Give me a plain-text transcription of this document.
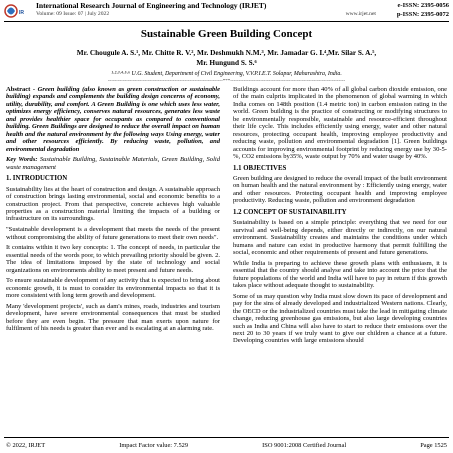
IR
International Research Journal of Engineering and Technology (IRJET)
Volume: 09 Issue: 07 | July 2022	www.irjet.net
e-ISSN: 2395-0056
p-ISSN: 2395-0072
Sustainable Green Building Concept
Mr. Chougule A. S.¹, Mr. Chitte R. V.², Mr. Deshmukh N.M.³, Mr. Jamadar G. I.⁴,Mr. Silar S. A.⁵,
Mr. Hungund S. S.⁶
¹·²·³·⁴·⁵·⁶ U.G. Student, Department of Civil Engineering, V.V.P.I.E.T. Solapur, Maharashtra, India.
---------------------------------------------------------------------***---------------------------------------------------------------------

Abstract - Green building (also known as green construction or sustainable building) expands and complements the building design concerns of economy, utility, durability, and comfort. A Green Building is one which uses less water, optimizes energy efficiency, conserves natural resources, generates less waste and provides healthier space for occupants as compared to conventional building. Green Buildings are designed to reduce the overall impact on human health and the natural environment by the following ways Using energy, water and other resources efficiently. By reducing waste, pollution, and environmental degradation

Key Words: Sustainable Building, Sustainable Materials, Green Building, Solid waste management

1. INTRODUCTION

Sustainability lies at the heart of construction and design. A sustainable approach of construction brings lasting environmental, social and economic benefits to a construction project. From that perspective, concrete achieves high valuable properties as a construction material limiting the impacts of a building or infrastructure on its surroundings.

"Sustainable development is a development that meets the needs of the present without compromising the ability of future generations to meet their own needs".

It contains within it two key concepts: 1. The concept of needs, in particular the essential needs of the words poor, to which prevailing priority should be given. 2. The idea of limitations imposed by the state of technology and social organizations on environments ability to meet present and future needs.

To ensure sustainable development of any activity that is expected to bring about economic growth, it is must to consider its environmental impacts so that it is more consistent with long term growth and development.

Many 'development projects', such as dam's mines, roads, industries and tourism development, have severe environmental consequences that must be studied before they are even begin. The pressure that man exerts upon nature for fulfilment of his needs is greater than ever and is escalating at an alarming rate.

Buildings account for more than 40% of all global carbon dioxide emission, one of the main culprits implicated in the phenomenon of global warming in which India comes on 148th position (1.4 metric ton) in carbon emission rating in the world. Green building is the practice of constructing or modifying structures to be environmentally responsible, sustainable and resource-efficient throughout their life cycle. This includes efficiently using energy, water and other natural resources, protecting occupant health, improving employee productivity and reducing waste, pollution and environmental degradation [1]. Green buildings accounts for improving environmental footprint by reducing energy use by 30-5-%, CO2 emissions by35%, waste output by 70% and water usage by 40%.

1.1 OBJECTIVES

Green building are designed to reduce the overall impact of the built environment on human health and the natural environment by : Efficiently using energy, water and other resources. Protecting occupant health and improving employee productivity. Reducing waste, pollution and environment degradation

1.2 CONCEPT OF SUSTAINABILITY

Sustainability is based on a simple principle: everything that we need for our survival and well-being depends, either directly or indirectly, on our natural environment. Sustainability creates and maintains the conditions under which humans and nature can exist in productive harmony that permit fulfilling the social, economic and other requirements of present and future generations.

While India is preparing to achieve these growth plans with enthusiasm, it is essential that the country should analyse and take into account the price that the future populations of the world and India will have to pay in return if this growth takes place without adequate thought to sustainability.

Some of us may question why India must slow down its pace of development and pay for the sins of already developed and industrialized Western nations. Clearly, the OECD or the industrialized countries must take the lead in mitigating climate change, reducing greenhouse gas emissions, but also large developing countries such as India and China will also have to start to reduce their emissions over the next 20 to 30 years if we truly want to give our children a chance at a future. Developing countries with large emissions should

© 2022, IRJET	Impact Factor value: 7.529	ISO 9001:2008 Certified Journal	Page 1525
